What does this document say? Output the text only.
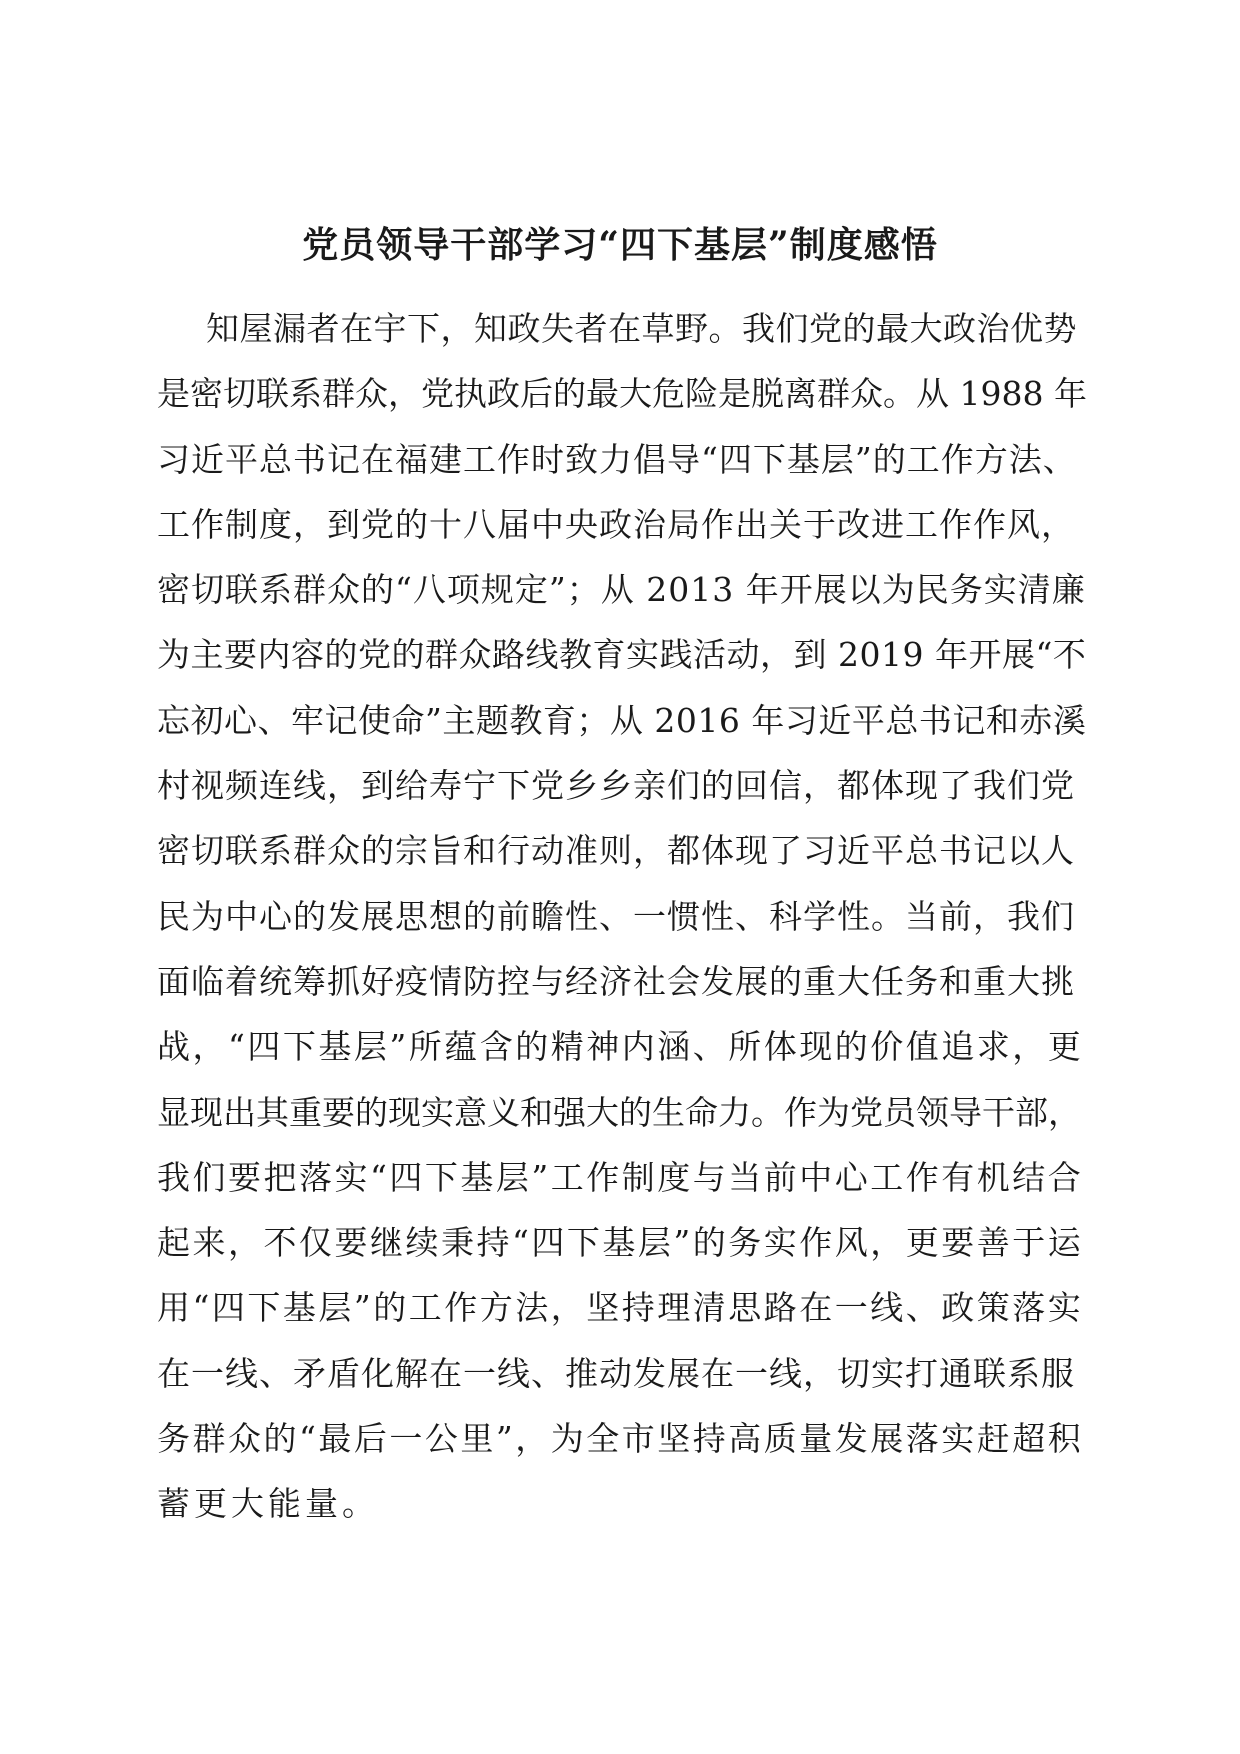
党员领导干部学习“四下基层”制度感悟
知屋漏者在宇下，知政失者在草野。我们党的最大政治优势
是密切联系群众，党执政后的最大危险是脱离群众。从 1988 年
习近平总书记在福建工作时致力倡导“四下基层”的工作方法、
工作制度，到党的十八届中央政治局作出关于改进工作作风，
密切联系群众的“八项规定”；从 2013 年开展以为民务实清廉
为主要内容的党的群众路线教育实践活动，到 2019 年开展“不
忘初心、牢记使命”主题教育；从 2016 年习近平总书记和赤溪
村视频连线，到给寿宁下党乡乡亲们的回信，都体现了我们党
密切联系群众的宗旨和行动准则，都体现了习近平总书记以人
民为中心的发展思想的前瞻性、一惯性、科学性。当前，我们
面临着统筹抓好疫情防控与经济社会发展的重大任务和重大挑
战，“四下基层”所蕴含的精神内涵、所体现的价值追求，更
显现出其重要的现实意义和强大的生命力。作为党员领导干部，
我们要把落实“四下基层”工作制度与当前中心工作有机结合
起来，不仅要继续秉持“四下基层”的务实作风，更要善于运
用“四下基层”的工作方法，坚持理清思路在一线、政策落实
在一线、矛盾化解在一线、推动发展在一线，切实打通联系服
务群众的“最后一公里”，为全市坚持高质量发展落实赶超积
蓄更大能量。
